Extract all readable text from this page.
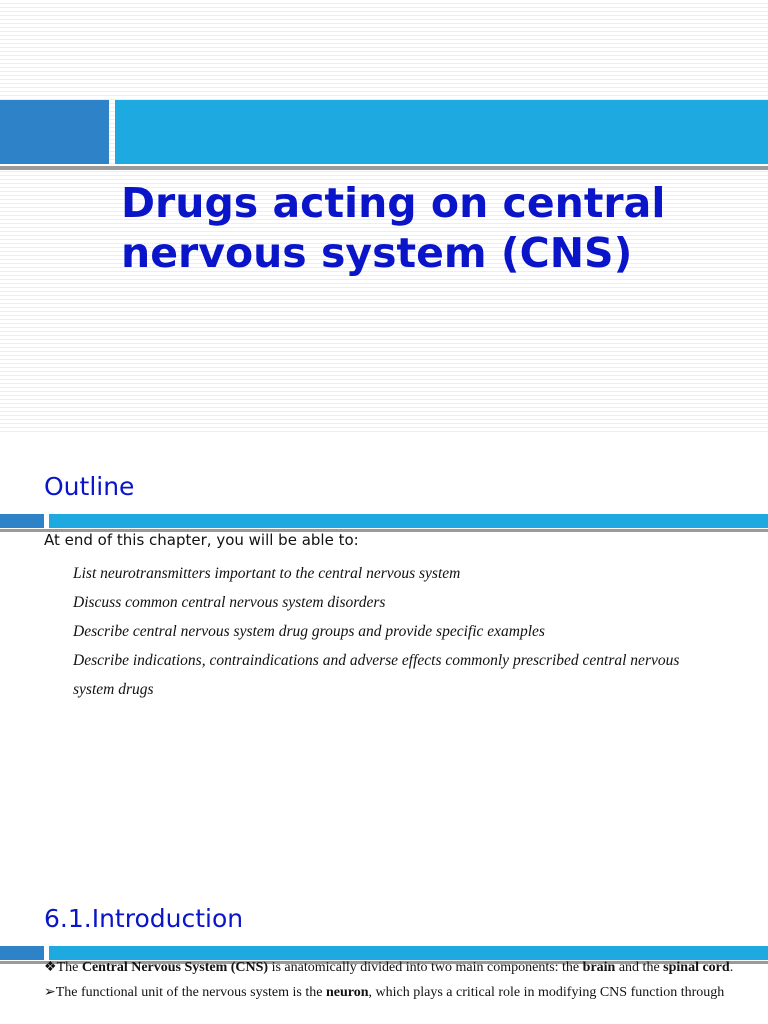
Drugs acting on central nervous system (CNS)
Outline

At end of this chapter, you will be able to:

List neurotransmitters important to the central nervous system
Discuss common central nervous system disorders
Describe central nervous system drug groups and provide specific examples
Describe indications, contraindications and adverse effects commonly prescribed central nervous system drugs
6.1.Introduction

❖The Central Nervous System (CNS) is anatomically divided into two main components: the brain and the spinal cord.

➢The functional unit of the nervous system is the neuron, which plays a critical role in modifying CNS function through
